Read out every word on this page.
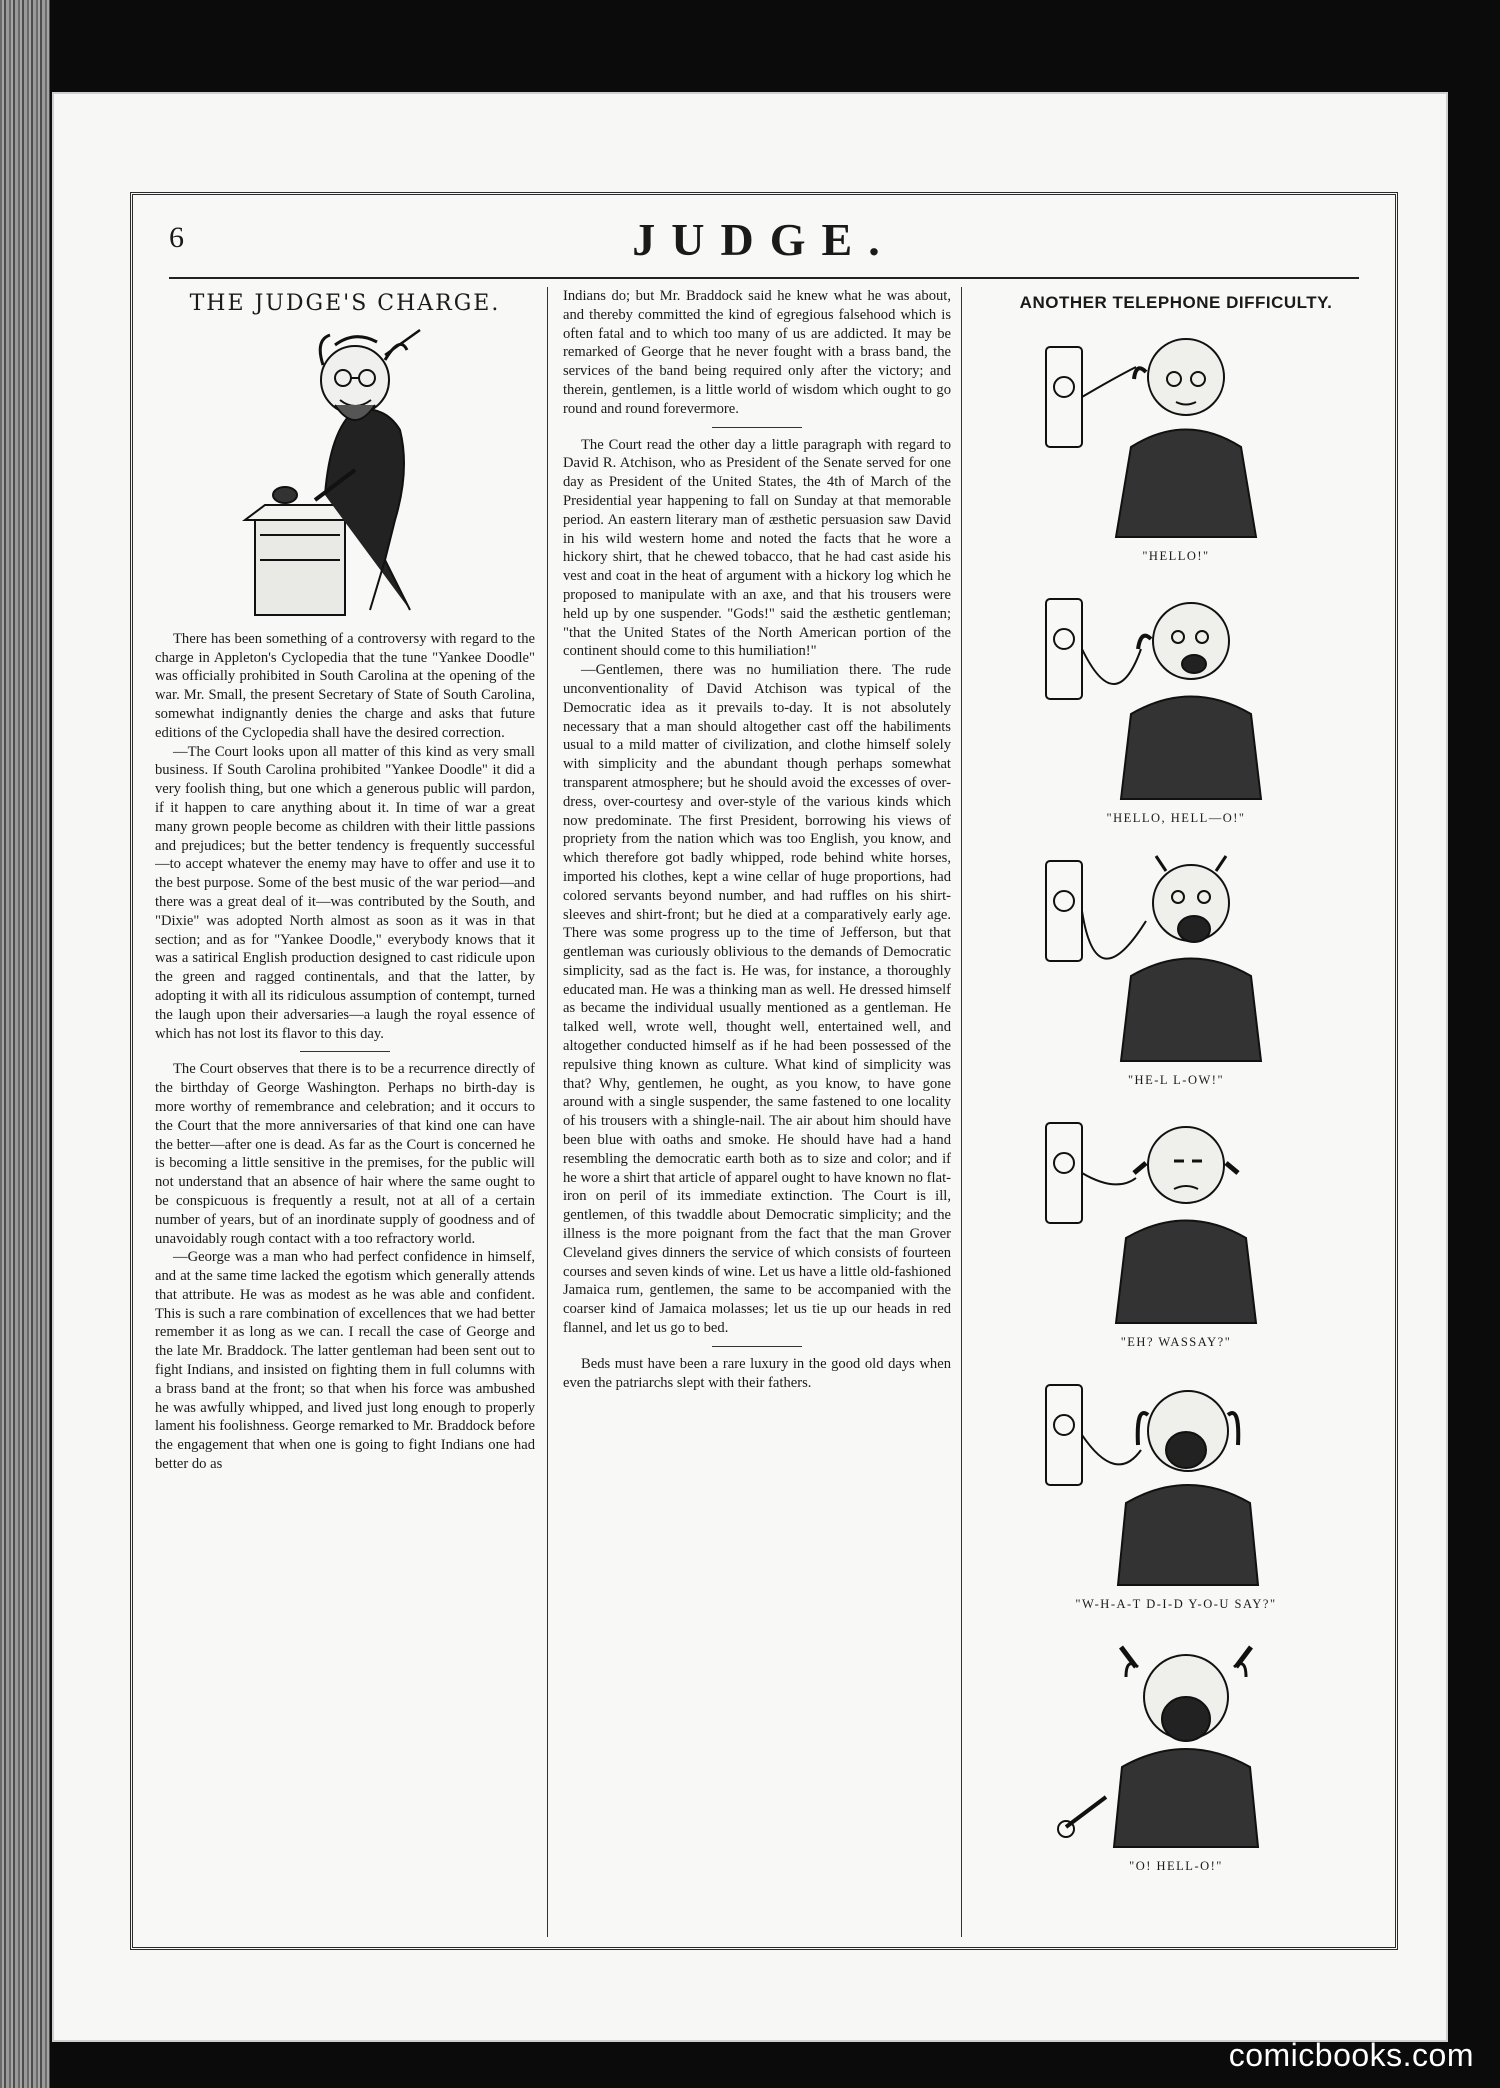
6	JUDGE.
THE JUDGE'S CHARGE.

There has been something of a controversy with regard to the charge in Appleton's Cyclopedia that the tune "Yankee Doodle" was officially prohibited in South Carolina at the opening of the war. Mr. Small, the present Secretary of State of South Carolina, somewhat indignantly denies the charge and asks that future editions of the Cyclopedia shall have the desired correction.

—The Court looks upon all matter of this kind as very small business. If South Carolina prohibited "Yankee Doodle" it did a very foolish thing, but one which a generous public will pardon, if it happen to care anything about it. In time of war a great many grown people become as children with their little passions and prejudices; but the better tendency is frequently successful—to accept whatever the enemy may have to offer and use it to the best purpose. Some of the best music of the war period—and there was a great deal of it—was contributed by the South, and "Dixie" was adopted North almost as soon as it was in that section; and as for "Yankee Doodle," everybody knows that it was a satirical English production designed to cast ridicule upon the green and ragged continentals, and that the latter, by adopting it with all its ridiculous assumption of contempt, turned the laugh upon their adversaries—a laugh the royal essence of which has not lost its flavor to this day.

The Court observes that there is to be a recurrence directly of the birthday of George Washington. Perhaps no birth-day is more worthy of remembrance and celebration; and it occurs to the Court that the more anniversaries of that kind one can have the better—after one is dead. As far as the Court is concerned he is becoming a little sensitive in the premises, for the public will not understand that an absence of hair where the same ought to be conspicuous is frequently a result, not at all of a certain number of years, but of an inordinate supply of goodness and of unavoidably rough contact with a too refractory world.

—George was a man who had perfect confidence in himself, and at the same time lacked the egotism which generally attends that attribute. He was as modest as he was able and confident. This is such a rare combination of excellences that we had better remember it as long as we can. I recall the case of George and the late Mr. Braddock. The latter gentleman had been sent out to fight Indians, and insisted on fighting them in full columns with a brass band at the front; so that when his force was ambushed he was awfully whipped, and lived just long enough to properly lament his foolishness. George remarked to Mr. Braddock before the engagement that when one is going to fight Indians one had better do as

Indians do; but Mr. Braddock said he knew what he was about, and thereby committed the kind of egregious falsehood which is often fatal and to which too many of us are addicted. It may be remarked of George that he never fought with a brass band, the services of the band being required only after the victory; and therein, gentlemen, is a little world of wisdom which ought to go round and round forevermore.

The Court read the other day a little paragraph with regard to David R. Atchison, who as President of the Senate served for one day as President of the United States, the 4th of March of the Presidential year happening to fall on Sunday at that memorable period. An eastern literary man of æsthetic persuasion saw David in his wild western home and noted the facts that he wore a hickory shirt, that he chewed tobacco, that he had cast aside his vest and coat in the heat of argument with a hickory log which he proposed to manipulate with an axe, and that his trousers were held up by one suspender. "Gods!" said the æsthetic gentleman; "that the United States of the North American portion of the continent should come to this humiliation!"

—Gentlemen, there was no humiliation there. The rude unconventionality of David Atchison was typical of the Democratic idea as it prevails to-day. It is not absolutely necessary that a man should altogether cast off the habiliments usual to a mild matter of civilization, and clothe himself solely with simplicity and the abundant though perhaps somewhat transparent atmosphere; but he should avoid the excesses of over-dress, over-courtesy and over-style of the various kinds which now predominate. The first President, borrowing his views of propriety from the nation which was too English, you know, and which therefore got badly whipped, rode behind white horses, imported his clothes, kept a wine cellar of huge proportions, had colored servants beyond number, and had ruffles on his shirt-sleeves and shirt-front; but he died at a comparatively early age. There was some progress up to the time of Jefferson, but that gentleman was curiously oblivious to the demands of Democratic simplicity, sad as the fact is. He was, for instance, a thoroughly educated man. He was a thinking man as well. He dressed himself as became the individual usually mentioned as a gentleman. He talked well, wrote well, thought well, entertained well, and altogether conducted himself as if he had been possessed of the repulsive thing known as culture. What kind of simplicity was that? Why, gentlemen, he ought, as you know, to have gone around with a single suspender, the same fastened to one locality of his trousers with a shingle-nail. The air about him should have been blue with oaths and smoke. He should have had a hand resembling the democratic earth both as to size and color; and if he wore a shirt that article of apparel ought to have known no flat-iron on peril of its immediate extinction. The Court is ill, gentlemen, of this twaddle about Democratic simplicity; and the illness is the more poignant from the fact that the man Grover Cleveland gives dinners the service of which consists of fourteen courses and seven kinds of wine. Let us have a little old-fashioned Jamaica rum, gentlemen, the same to be accompanied with the coarser kind of Jamaica molasses; let us tie up our heads in red flannel, and let us go to bed.

Beds must have been a rare luxury in the good old days when even the patriarchs slept with their fathers.

ANOTHER TELEPHONE DIFFICULTY.
"HELLO!"
"HELLO, HELL—O!"
"HE-L L-OW!"
"EH? WASSAY?"
"W-H-A-T D-I-D Y-O-U SAY?"
"O! HELL-O!"
comicbooks.com
